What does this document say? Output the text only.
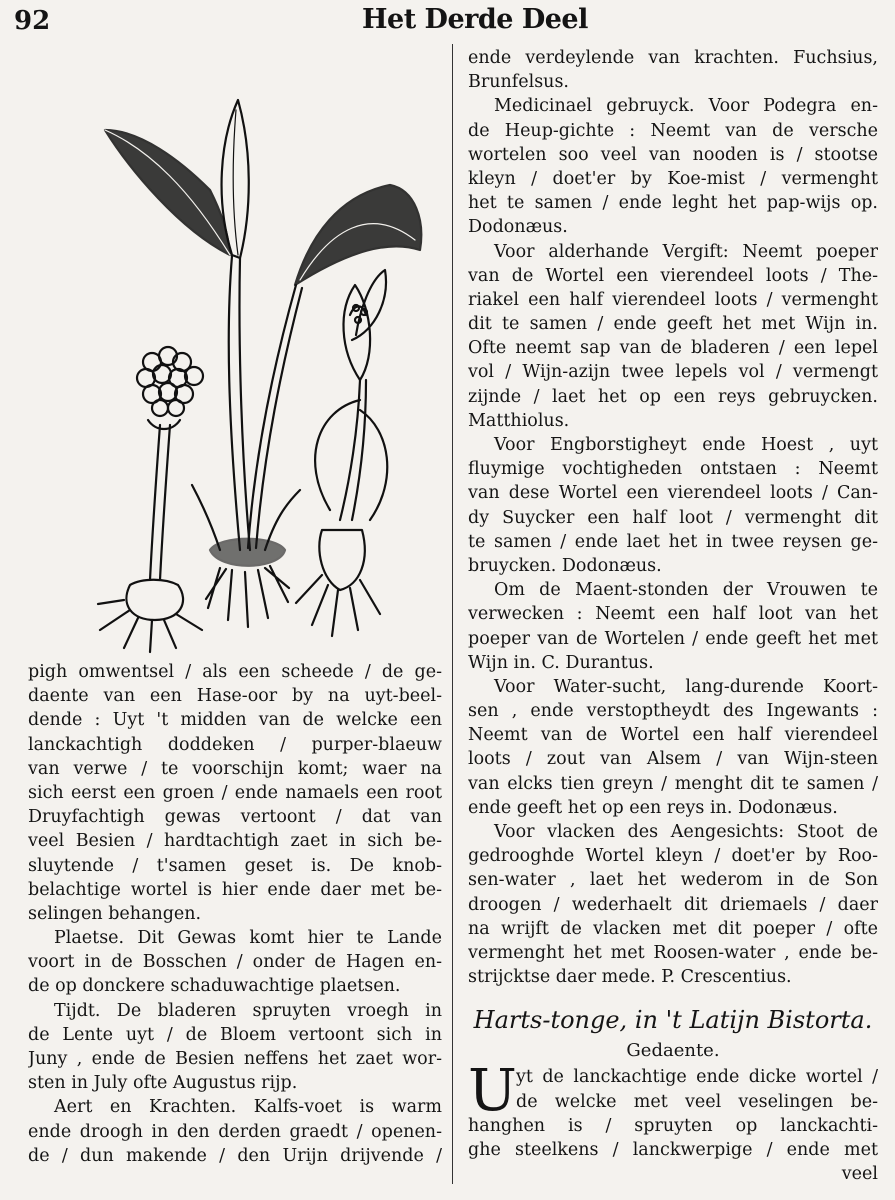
92	Het Derde Deel
pigh omwentsel / als een scheede / de ge-
daente van een Hase-oor by na uyt-beel-
dende : Uyt 't midden van de welcke een
lanckachtigh doddeken / purper-blaeuw
van verwe / te voorschijn komt; waer na
sich eerst een groen / ende namaels een root
Druyfachtigh gewas vertoont / dat van
veel Besien / hardtachtigh zaet in sich be-
sluytende / t'samen geset is. De knob-
belachtige wortel is hier ende daer met be-
selingen behangen.
Plaetse. Dit Gewas komt hier te Lande
voort in de Bosschen / onder de Hagen en-
de op donckere schaduwachtige plaetsen.
Tijdt. De bladeren spruyten vroegh in
de Lente uyt / de Bloem vertoont sich in
Juny , ende de Besien neffens het zaet wor-
sten in July ofte Augustus rijp.
Aert en Krachten. Kalfs-voet is warm
ende droogh in den derden graedt / openen-
de / dun makende / den Urijn drijvende /
ende verdeylende van krachten. Fuchsius,
Brunfelsus.
Medicinael gebruyck. Voor Podegra en-
de Heup-gichte : Neemt van de versche
wortelen soo veel van nooden is / stootse
kleyn / doet'er by Koe-mist / vermenght
het te samen / ende leght het pap-wijs op.
Dodonæus.
Voor alderhande Vergift: Neemt poeper
van de Wortel een vierendeel loots / The-
riakel een half vierendeel loots / vermenght
dit te samen / ende geeft het met Wijn in.
Ofte neemt sap van de bladeren / een lepel
vol / Wijn-azijn twee lepels vol / vermengt
zijnde / laet het op een reys gebruycken.
Matthiolus.
Voor Engborstigheyt ende Hoest , uyt
fluymige vochtigheden ontstaen : Neemt
van dese Wortel een vierendeel loots / Can-
dy Suycker een half loot / vermenght dit
te samen / ende laet het in twee reysen ge-
bruycken. Dodonæus.
Om de Maent-stonden der Vrouwen te
verwecken : Neemt een half loot van het
poeper van de Wortelen / ende geeft het met
Wijn in. C. Durantus.
Voor Water-sucht, lang-durende Koort-
sen , ende verstoptheydt des Ingewants :
Neemt van de Wortel een half vierendeel
loots / zout van Alsem / van Wijn-steen
van elcks tien greyn / menght dit te samen /
ende geeft het op een reys in. Dodonæus.
Voor vlacken des Aengesichts: Stoot de
gedrooghde Wortel kleyn / doet'er by Roo-
sen-water , laet het wederom in de Son
droogen / wederhaelt dit driemaels / daer
na wrijft de vlacken met dit poeper / ofte
vermenght het met Roosen-water , ende be-
strijcktse daer mede. P. Crescentius.
Harts-tonge, in 't Latijn Bistorta.
Gedaente.
U yt de lanckachtige ende dicke wortel /
de welcke met veel veselingen be-
hanghen is / spruyten op lanckachti-
ghe steelkens / lanckwerpige / ende met
veel
